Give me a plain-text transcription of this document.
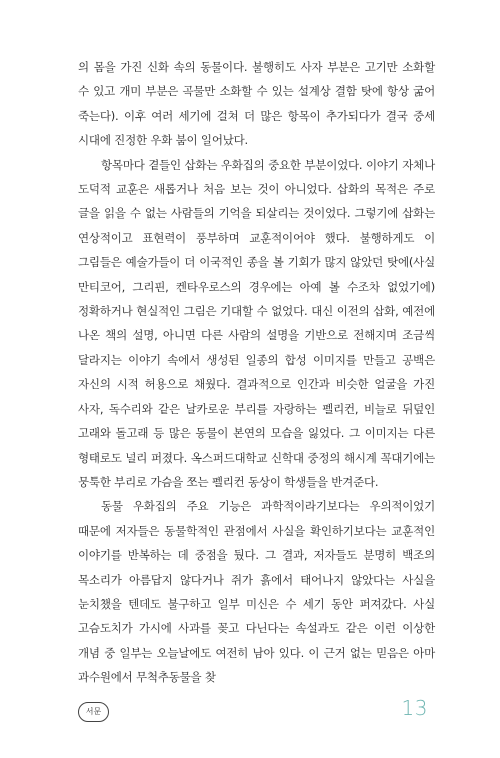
의 몸을 가진 신화 속의 동물이다. 불행히도 사자 부분은 고기만 소화할 수 있고 개미 부분은 곡물만 소화할 수 있는 설계상 결함 탓에 항상 굶어 죽는다). 이후 여러 세기에 걸쳐 더 많은 항목이 추가되다가 결국 중세 시대에 진정한 우화 붐이 일어났다.

항목마다 곁들인 삽화는 우화집의 중요한 부분이었다. 이야기 자체나 도덕적 교훈은 새롭거나 처음 보는 것이 아니었다. 삽화의 목적은 주로 글을 읽을 수 없는 사람들의 기억을 되살리는 것이었다. 그렇기에 삽화는 연상적이고 표현력이 풍부하며 교훈적이어야 했다. 불행하게도 이 그림들은 예술가들이 더 이국적인 종을 볼 기회가 많지 않았던 탓에(사실 만티코어, 그리핀, 켄타우로스의 경우에는 아예 볼 수조차 없었기에) 정확하거나 현실적인 그림은 기대할 수 없었다. 대신 이전의 삽화, 예전에 나온 책의 설명, 아니면 다른 사람의 설명을 기반으로 전해지며 조금씩 달라지는 이야기 속에서 생성된 일종의 합성 이미지를 만들고 공백은 자신의 시적 허용으로 채웠다. 결과적으로 인간과 비슷한 얼굴을 가진 사자, 독수리와 같은 날카로운 부리를 자랑하는 펠리컨, 비늘로 뒤덮인 고래와 돌고래 등 많은 동물이 본연의 모습을 잃었다. 그 이미지는 다른 형태로도 널리 퍼졌다. 옥스퍼드대학교 신학대 중정의 해시계 꼭대기에는 뭉툭한 부리로 가슴을 쪼는 펠리컨 동상이 학생들을 반겨준다.

동물 우화집의 주요 기능은 과학적이라기보다는 우의적이었기 때문에 저자들은 동물학적인 관점에서 사실을 확인하기보다는 교훈적인 이야기를 반복하는 데 중점을 뒀다. 그 결과, 저자들도 분명히 백조의 목소리가 아름답지 않다거나 쥐가 흙에서 태어나지 않았다는 사실을 눈치챘을 텐데도 불구하고 일부 미신은 수 세기 동안 퍼져갔다. 사실 고슴도치가 가시에 사과를 꽂고 다닌다는 속설과도 같은 이런 이상한 개념 중 일부는 오늘날에도 여전히 남아 있다. 이 근거 없는 믿음은 아마 과수원에서 무척추동물을 찾

서문	13
